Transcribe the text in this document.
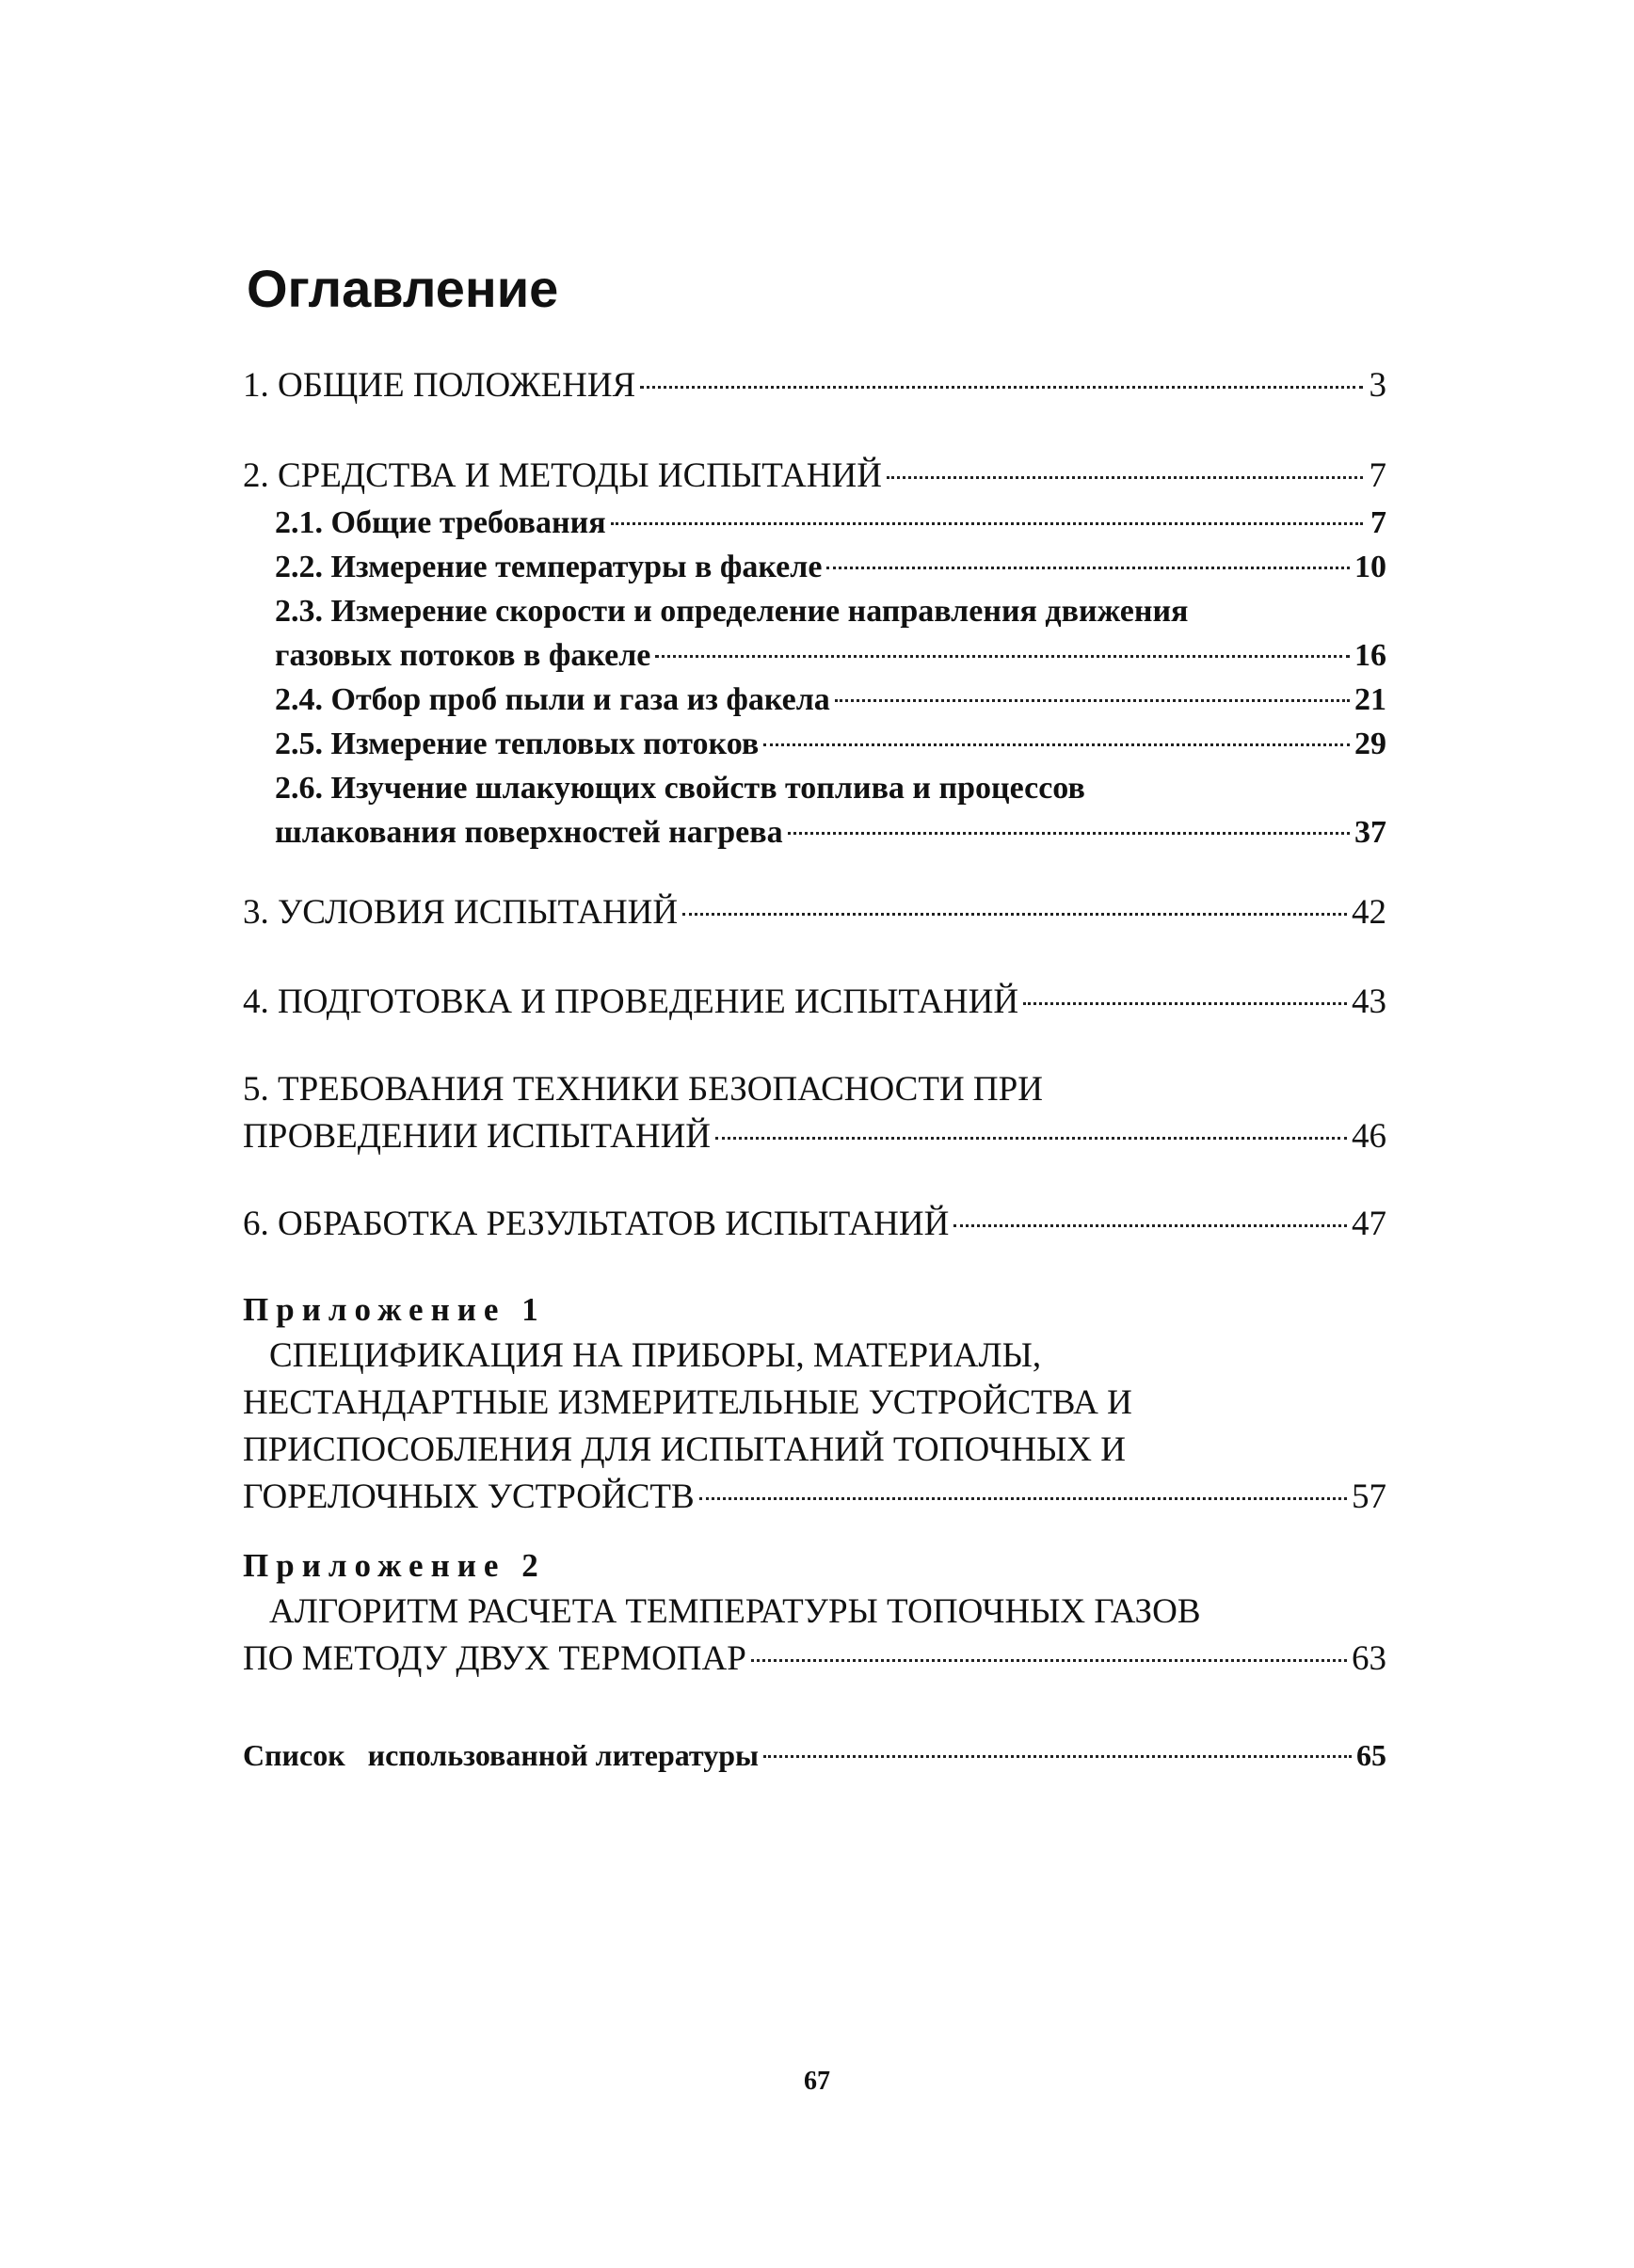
Оглавление
1. ОБЩИЕ ПОЛОЖЕНИЯ	3
2. СРЕДСТВА И МЕТОДЫ ИСПЫТАНИЙ	7
2.1. Общие требования	7
2.2. Измерение температуры в факеле	10
2.3. Измерение скорости и определение направления движения
газовых потоков в факеле	16
2.4. Отбор проб пыли и газа из факела	21
2.5. Измерение тепловых потоков	29
2.6. Изучение шлакующих свойств топлива и процессов
шлакования поверхностей нагрева	37
3. УСЛОВИЯ ИСПЫТАНИЙ	42
4. ПОДГОТОВКА И ПРОВЕДЕНИЕ ИСПЫТАНИЙ	43
5. ТРЕБОВАНИЯ ТЕХНИКИ БЕЗОПАСНОСТИ ПРИ
ПРОВЕДЕНИИ ИСПЫТАНИЙ	46
6. ОБРАБОТКА РЕЗУЛЬТАТОВ ИСПЫТАНИЙ	47
Приложение 1
СПЕЦИФИКАЦИЯ НА ПРИБОРЫ, МАТЕРИАЛЫ,
НЕСТАНДАРТНЫЕ ИЗМЕРИТЕЛЬНЫЕ УСТРОЙСТВА И
ПРИСПОСОБЛЕНИЯ ДЛЯ ИСПЫТАНИЙ ТОПОЧНЫХ И
ГОРЕЛОЧНЫХ УСТРОЙСТВ	57
Приложение 2
АЛГОРИТМ РАСЧЕТА ТЕМПЕРАТУРЫ ТОПОЧНЫХ ГАЗОВ
ПО МЕТОДУ ДВУХ ТЕРМОПАР	63
Список   использованной литературы	65
67
